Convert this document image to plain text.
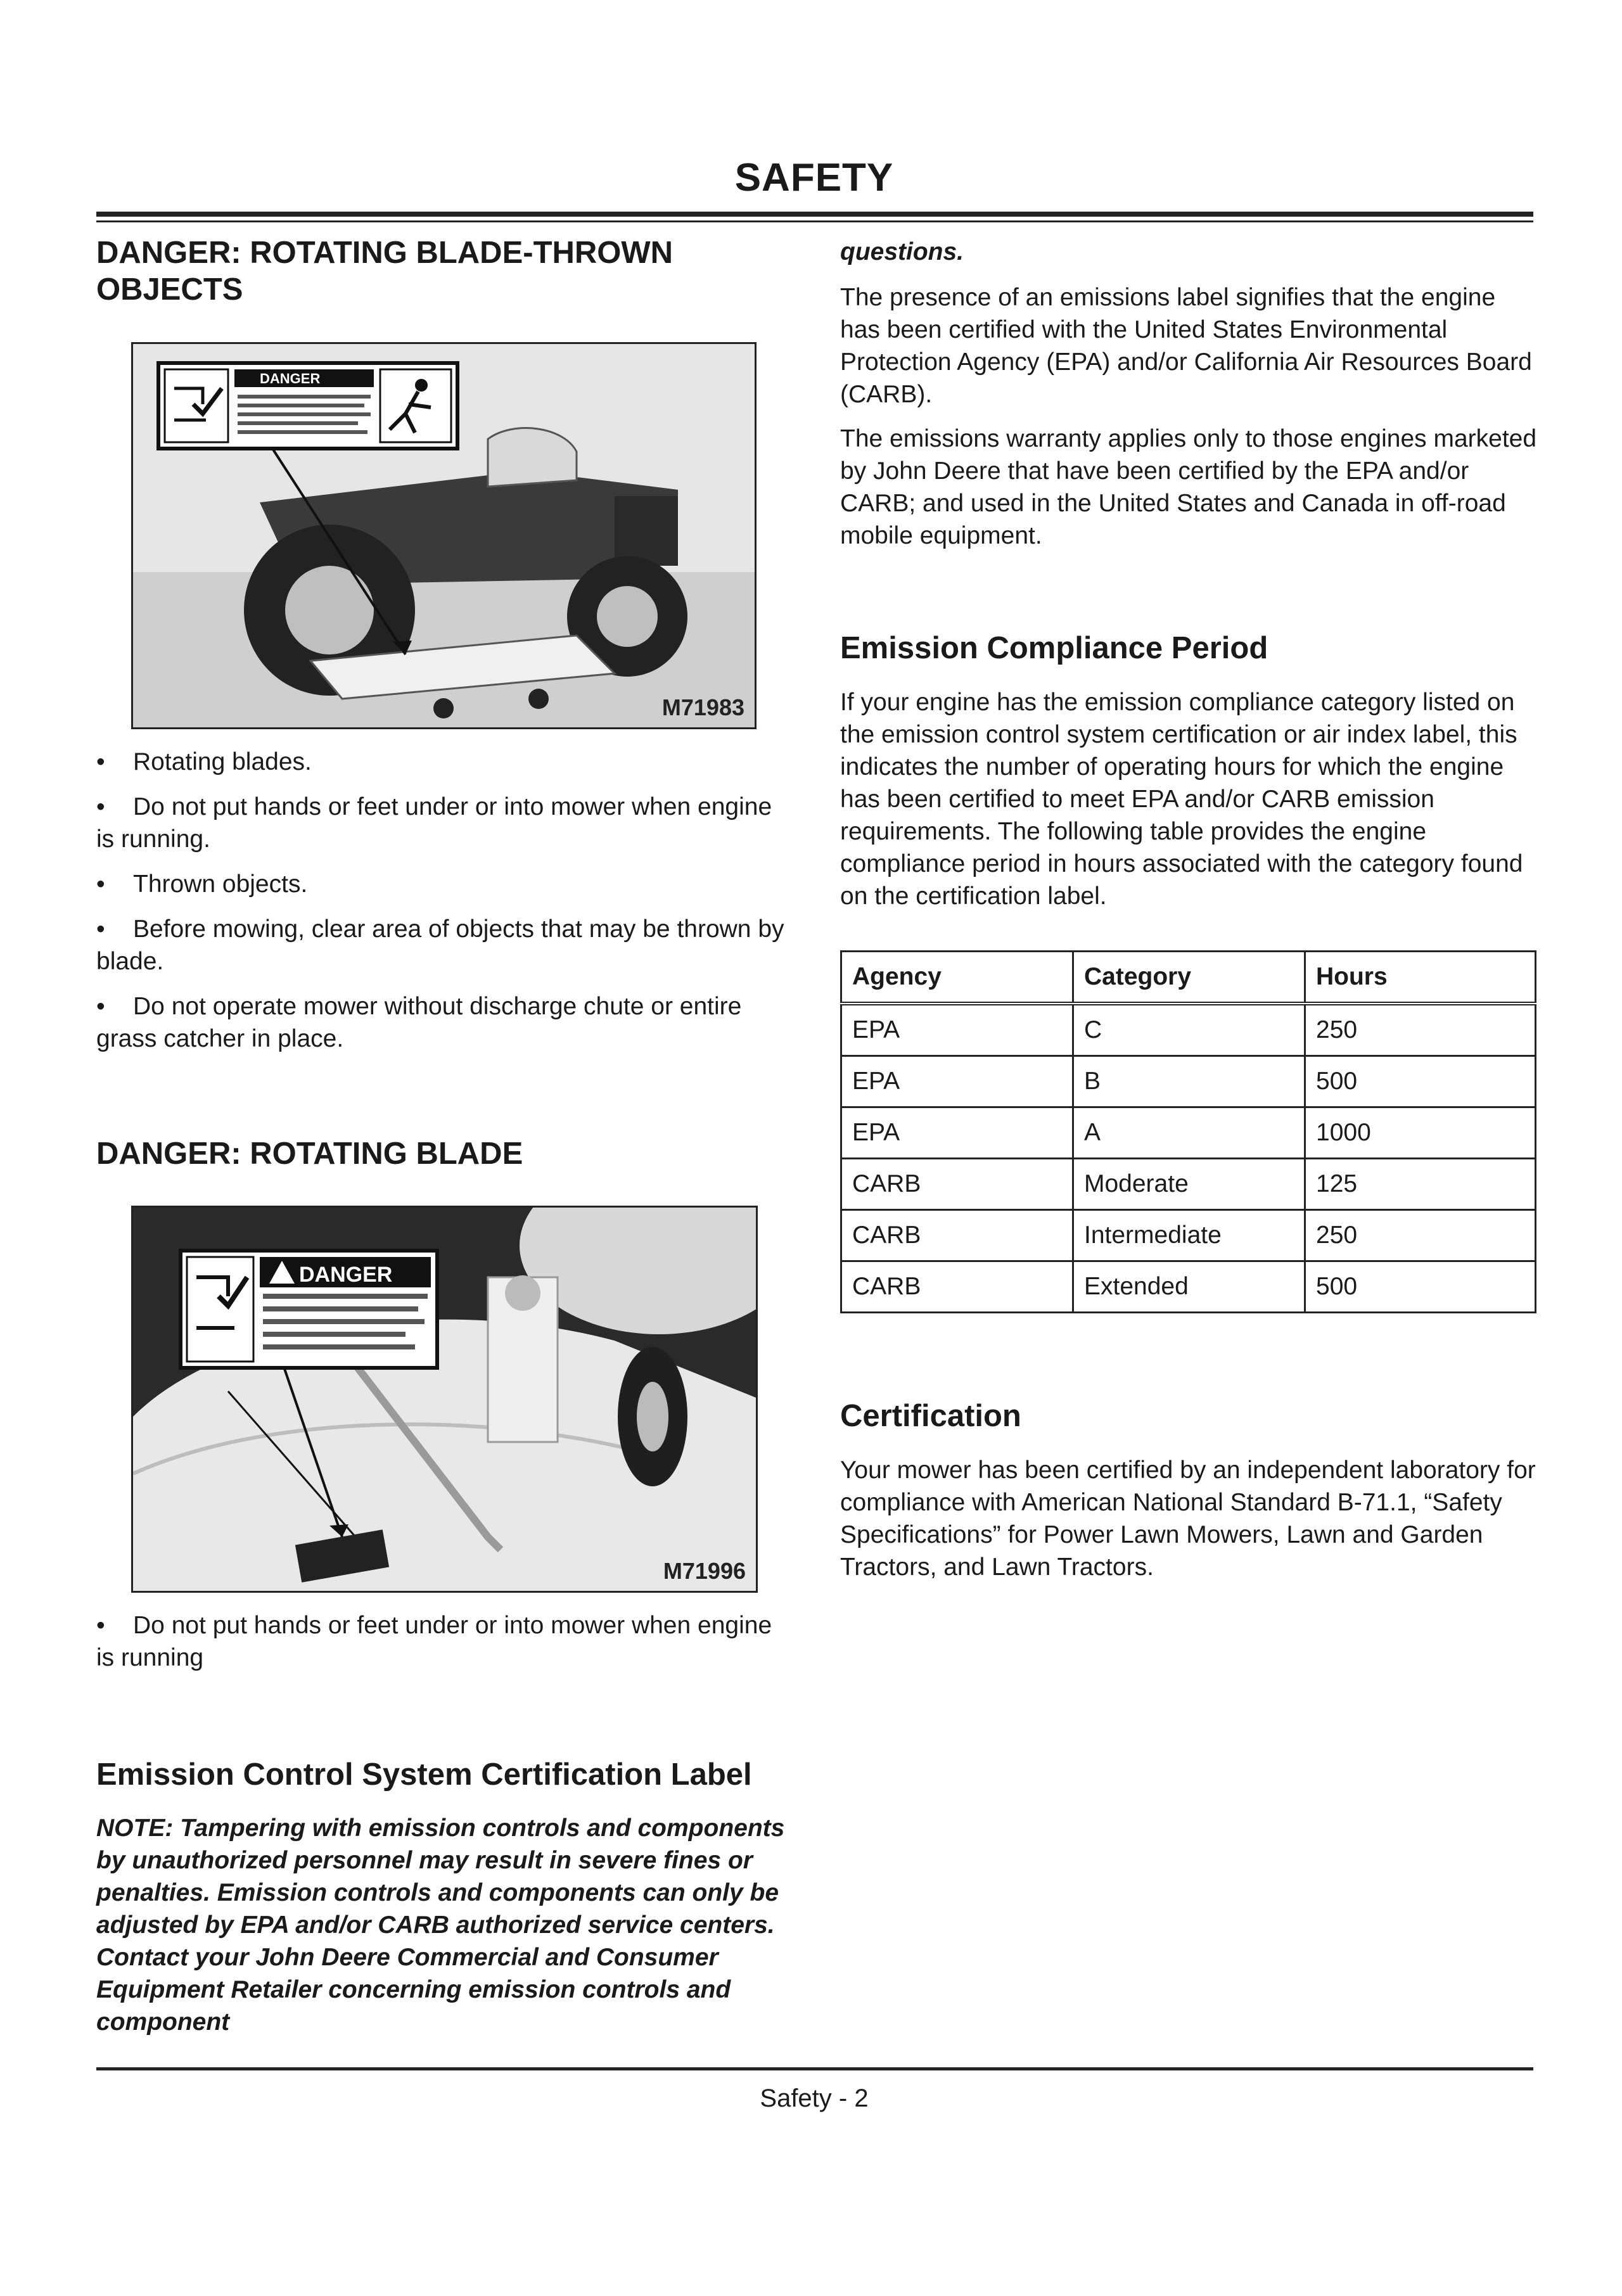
SAFETY
DANGER: ROTATING BLADE-THROWN OBJECTS
DANGER
M71983
• Rotating blades.
• Do not put hands or feet under or into mower when engine is running.
• Thrown objects.
• Before mowing, clear area of objects that may be thrown by blade.
• Do not operate mower without discharge chute or entire grass catcher in place.
DANGER: ROTATING BLADE
DANGER
M71996
• Do not put hands or feet under or into mower when engine is running
Emission Control System Certification Label
NOTE: Tampering with emission controls and components by unauthorized personnel may result in severe fines or penalties. Emission controls and components can only be adjusted by EPA and/or CARB authorized service centers. Contact your John Deere Commercial and Consumer Equipment Retailer concerning emission controls and component
questions.
The presence of an emissions label signifies that the engine has been certified with the United States Environmental Protection Agency (EPA) and/or California Air Resources Board (CARB).
The emissions warranty applies only to those engines marketed by John Deere that have been certified by the EPA and/or CARB; and used in the United States and Canada in off-road mobile equipment.
Emission Compliance Period
If your engine has the emission compliance category listed on the emission control system certification or air index label, this indicates the number of operating hours for which the engine has been certified to meet EPA and/or CARB emission requirements. The following table provides the engine compliance period in hours associated with the category found on the certification label.
Agency	Category	Hours
EPA	C	250
EPA	B	500
EPA	A	1000
CARB	Moderate	125
CARB	Intermediate	250
CARB	Extended	500
Certification
Your mower has been certified by an independent laboratory for compliance with American National Standard B-71.1, “Safety Specifications” for Power Lawn Mowers, Lawn and Garden Tractors, and Lawn Tractors.
Safety - 2
